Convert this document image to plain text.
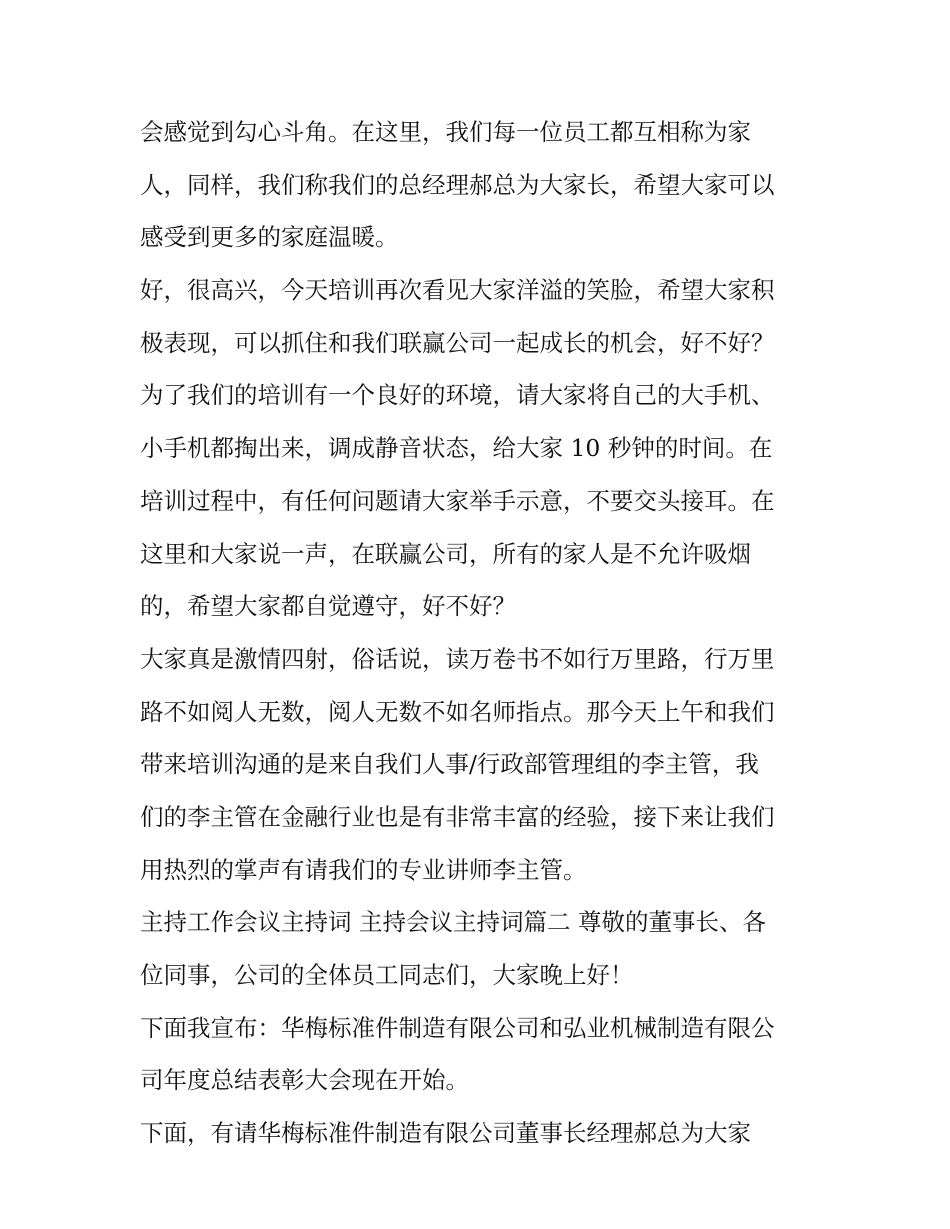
会感觉到勾心斗角。在这里，我们每一位员工都互相称为家
人，同样，我们称我们的总经理郝总为大家长，希望大家可以
感受到更多的家庭温暖。
好，很高兴，今天培训再次看见大家洋溢的笑脸，希望大家积
极表现，可以抓住和我们联赢公司一起成长的机会，好不好？
为了我们的培训有一个良好的环境，请大家将自己的大手机、
小手机都掏出来，调成静音状态，给大家 10 秒钟的时间。在
培训过程中，有任何问题请大家举手示意，不要交头接耳。在
这里和大家说一声，在联赢公司，所有的家人是不允许吸烟
的，希望大家都自觉遵守，好不好？
大家真是激情四射，俗话说，读万卷书不如行万里路，行万里
路不如阅人无数，阅人无数不如名师指点。那今天上午和我们
带来培训沟通的是来自我们人事/行政部管理组的李主管，我
们的李主管在金融行业也是有非常丰富的经验，接下来让我们
用热烈的掌声有请我们的专业讲师李主管。
主持工作会议主持词 主持会议主持词篇二 尊敬的董事长、各
位同事，公司的全体员工同志们，大家晚上好！
下面我宣布：华梅标准件制造有限公司和弘业机械制造有限公
司年度总结表彰大会现在开始。
下面，有请华梅标准件制造有限公司董事长经理郝总为大家
